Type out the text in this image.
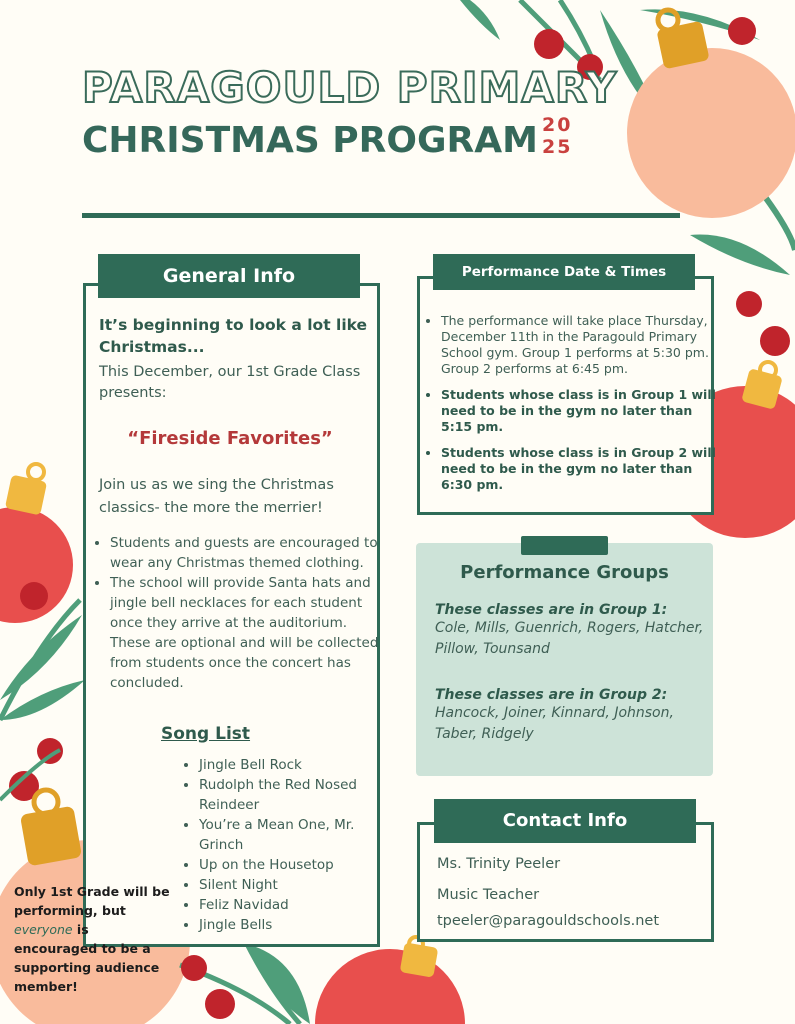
PARAGOULD PRIMARY
CHRISTMAS PROGRAM 20
25
General Info
It’s beginning to look a lot like Christmas...
This December, our 1st Grade Class presents:
“Fireside Favorites”
Join us as we sing the Christmas classics- the more the merrier!
• Students and guests are encouraged to wear any Christmas themed clothing.
• The school will provide Santa hats and jingle bell necklaces for each student once they arrive at the auditorium. These are optional and will be collected from students once the concert has concluded.
Song List
• Jingle Bell Rock
• Rudolph the Red Nosed Reindeer
• You’re a Mean One, Mr. Grinch
• Up on the Housetop
• Silent Night
• Feliz Navidad
• Jingle Bells
Performance Date & Times
• The performance will take place Thursday, December 11th in the Paragould Primary School gym. Group 1 performs at 5:30 pm. Group 2 performs at 6:45 pm.
• Students whose class is in Group 1 will need to be in the gym no later than 5:15 pm.
• Students whose class is in Group 2 will need to be in the gym no later than 6:30 pm.
Performance Groups
These classes are in Group 1:
Cole, Mills, Guenrich, Rogers, Hatcher, Pillow, Tounsand
These classes are in Group 2:
Hancock, Joiner, Kinnard, Johnson, Taber, Ridgely
Contact Info
Ms. Trinity Peeler
Music Teacher
tpeeler@paragouldschools.net
Only 1st Grade will be performing, but everyone is encouraged to be a supporting audience member!
